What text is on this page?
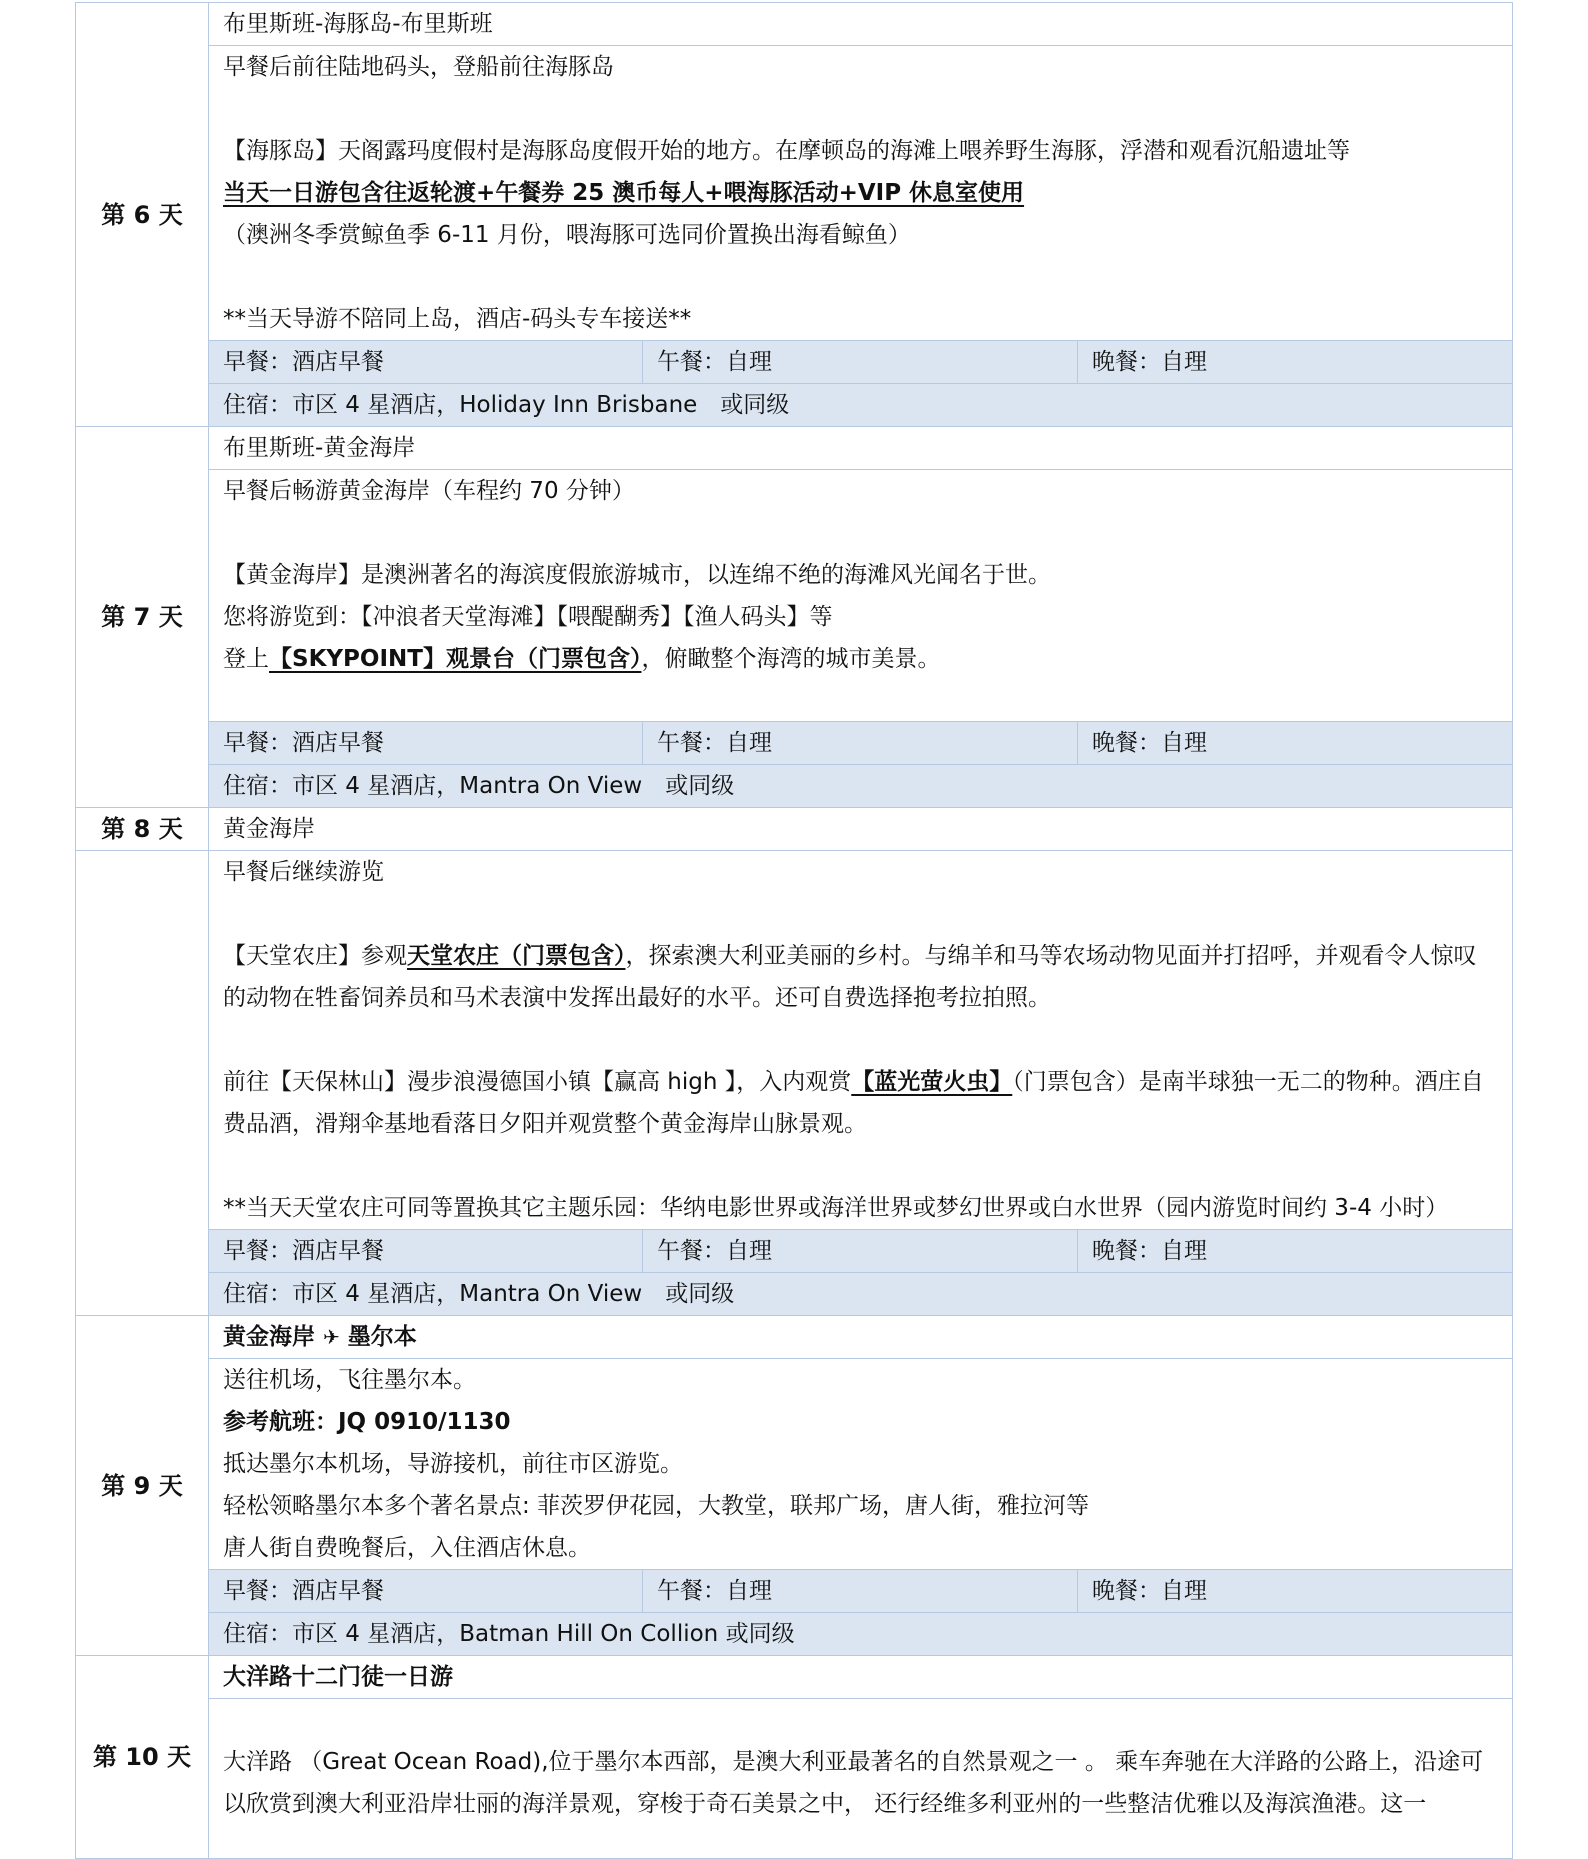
第 6 天	布里斯班-海豚岛-布里斯班		

	早餐后前往陆地码头，登船前往海豚岛
【海豚岛】天阁露玛度假村是海豚岛度假开始的地方。在摩顿岛的海滩上喂养野生海豚，浮潜和观看沉船遗址等
当天一日游包含往返轮渡+午餐券 25 澳币每人+喂海豚活动+VIP 休息室使用
（澳洲冬季赏鲸鱼季 6-11 月份，喂海豚可选同价置换出海看鲸鱼）
**当天导游不陪同上岛，酒店-码头专车接送**		

	早餐：酒店早餐	午餐：自理	晚餐：自理
	住宿：市区 4 星酒店，Holiday Inn Brisbane　或同级		
第 7 天	布里斯班-黄金海岸		

	早餐后畅游黄金海岸（车程约 70 分钟）
【黄金海岸】是澳洲著名的海滨度假旅游城市，以连绵不绝的海滩风光闻名于世。
您将游览到：【冲浪者天堂海滩】【喂醍醐秀】【渔人码头】等
登上【SKYPOINT】观景台（门票包含），俯瞰整个海湾的城市美景。		

	早餐：酒店早餐	午餐：自理	晚餐：自理
	住宿：市区 4 星酒店，Mantra On View　或同级		
第 8 天	黄金海岸		

	早餐后继续游览
【天堂农庄】参观天堂农庄（门票包含），探索澳大利亚美丽的乡村。与绵羊和马等农场动物见面并打招呼，并观看令人惊叹的动物在牲畜饲养员和马术表演中发挥出最好的水平。还可自费选择抱考拉拍照。
前往【天保林山】漫步浪漫德国小镇【赢高 high 】，入内观赏【蓝光萤火虫】（门票包含）是南半球独一无二的物种。酒庄自费品酒，滑翔伞基地看落日夕阳并观赏整个黄金海岸山脉景观。
**当天天堂农庄可同等置换其它主题乐园：华纳电影世界或海洋世界或梦幻世界或白水世界（园内游览时间约 3-4 小时）		

	早餐：酒店早餐	午餐：自理	晚餐：自理
	住宿：市区 4 星酒店，Mantra On View　或同级		
第 9 天	黄金海岸 ✈ 墨尔本		

	送往机场，飞往墨尔本。
参考航班：JQ 0910/1130
抵达墨尔本机场，导游接机，前往市区游览。
轻松领略墨尔本多个著名景点: 菲茨罗伊花园，大教堂，联邦广场，唐人街，雅拉河等
唐人街自费晚餐后，入住酒店休息。		

	早餐：酒店早餐	午餐：自理	晚餐：自理
	住宿：市区 4 星酒店，Batman Hill On Collion 或同级		
第 10 天	大洋路十二门徒一日游		

	大洋路 （Great Ocean Road),位于墨尔本西部，是澳大利亚最著名的自然景观之一 。 乘车奔驰在大洋路的公路上，沿途可以欣赏到澳大利亚沿岸壮丽的海洋景观，穿梭于奇石美景之中， 还行经维多利亚州的一些整洁优雅以及海滨渔港。这一		
